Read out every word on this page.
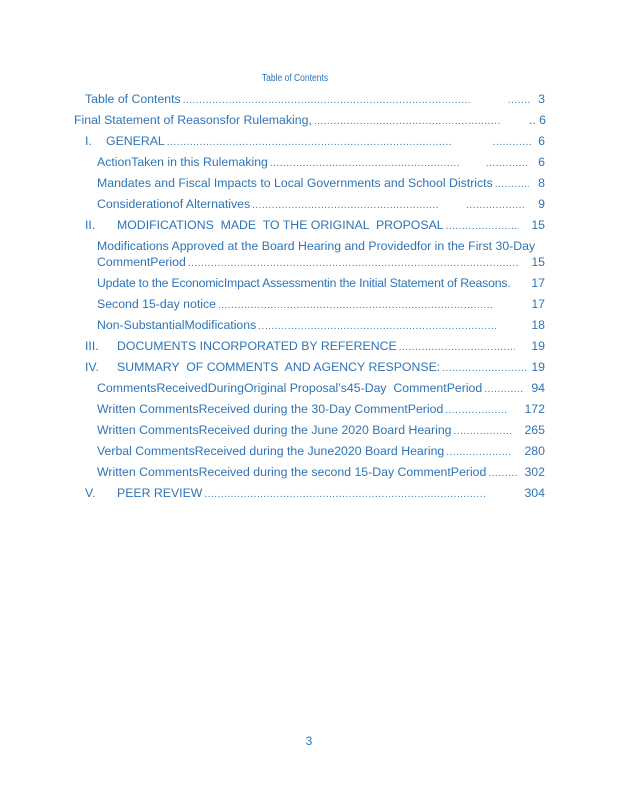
Table of Contents
Table of Contents ..... .....	3
Final Statement of Reasonsfor Rulemaking, .....	.. 6
I.	GENERAL ..... .....	6
ActionTaken in this Rulemaking ..... .....	6
Mandates and Fiscal Impacts to Local Governments and School Districts .....	8
Considerationof Alternatives ..... .....	9
II.	MODIFICATIONS  MADE  TO THE ORIGINAL  PROPOSAL .....	15
Modifications Approved at the Board Hearing and Providedfor in the First 30-Day
CommentPeriod .....	15
Update to the EconomicImpact Assessmentin the Initial Statement of Reasons. 17
Second 15-day notice .....	17
Non-SubstantialModifications .....	18
III.	DOCUMENTS INCORPORATED BY REFERENCE .....	19
IV.	SUMMARY  OF COMMENTS  AND AGENCY RESPONSE: .....	19
CommentsReceivedDuringOriginal Proposal’s45-Day  CommentPeriod .....	94
Written CommentsReceived during the 30-Day CommentPeriod .....	172
Written CommentsReceived during the June 2020 Board Hearing .....	265
Verbal CommentsReceived during the June2020 Board Hearing .....	280
Written CommentsReceived during the second 15-Day CommentPeriod .....	302
V.	PEER REVIEW .....	304
3
